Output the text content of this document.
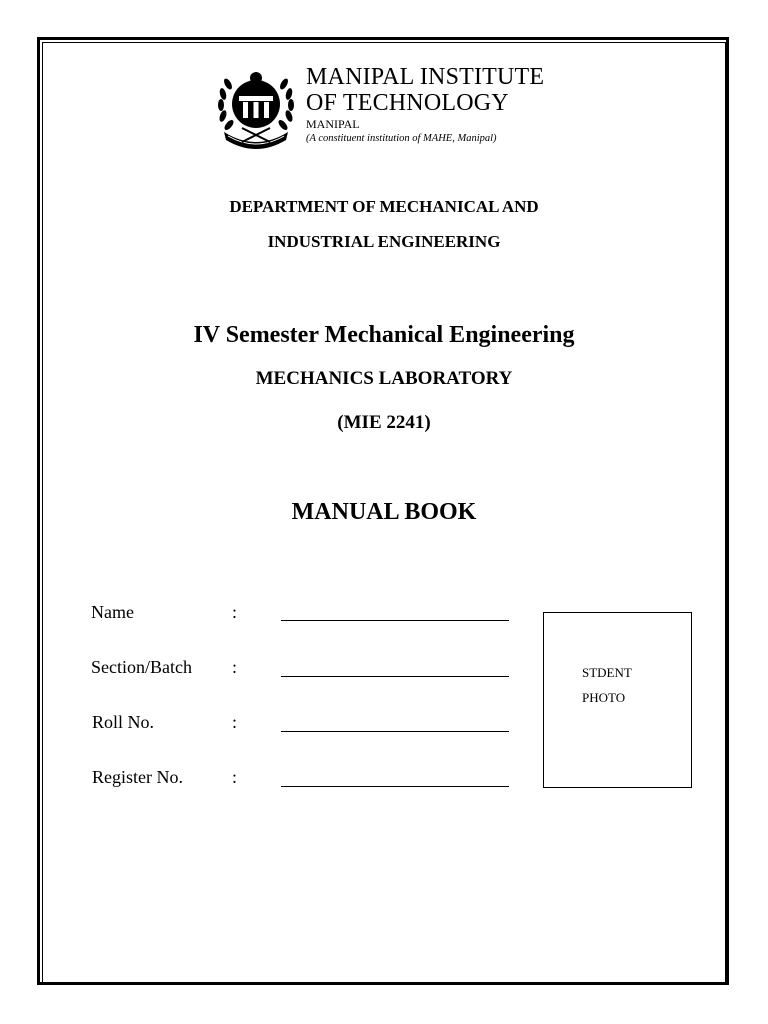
MANIPAL INSTITUTE
OF TECHNOLOGY
MANIPAL
(A constituent institution of MAHE, Manipal)
DEPARTMENT OF MECHANICAL AND
INDUSTRIAL ENGINEERING
IV Semester Mechanical Engineering
MECHANICS LABORATORY
(MIE 2241)
MANUAL BOOK
Name	:
Section/Batch :
Roll No.	:
Register No.	:
STDENT
PHOTO
